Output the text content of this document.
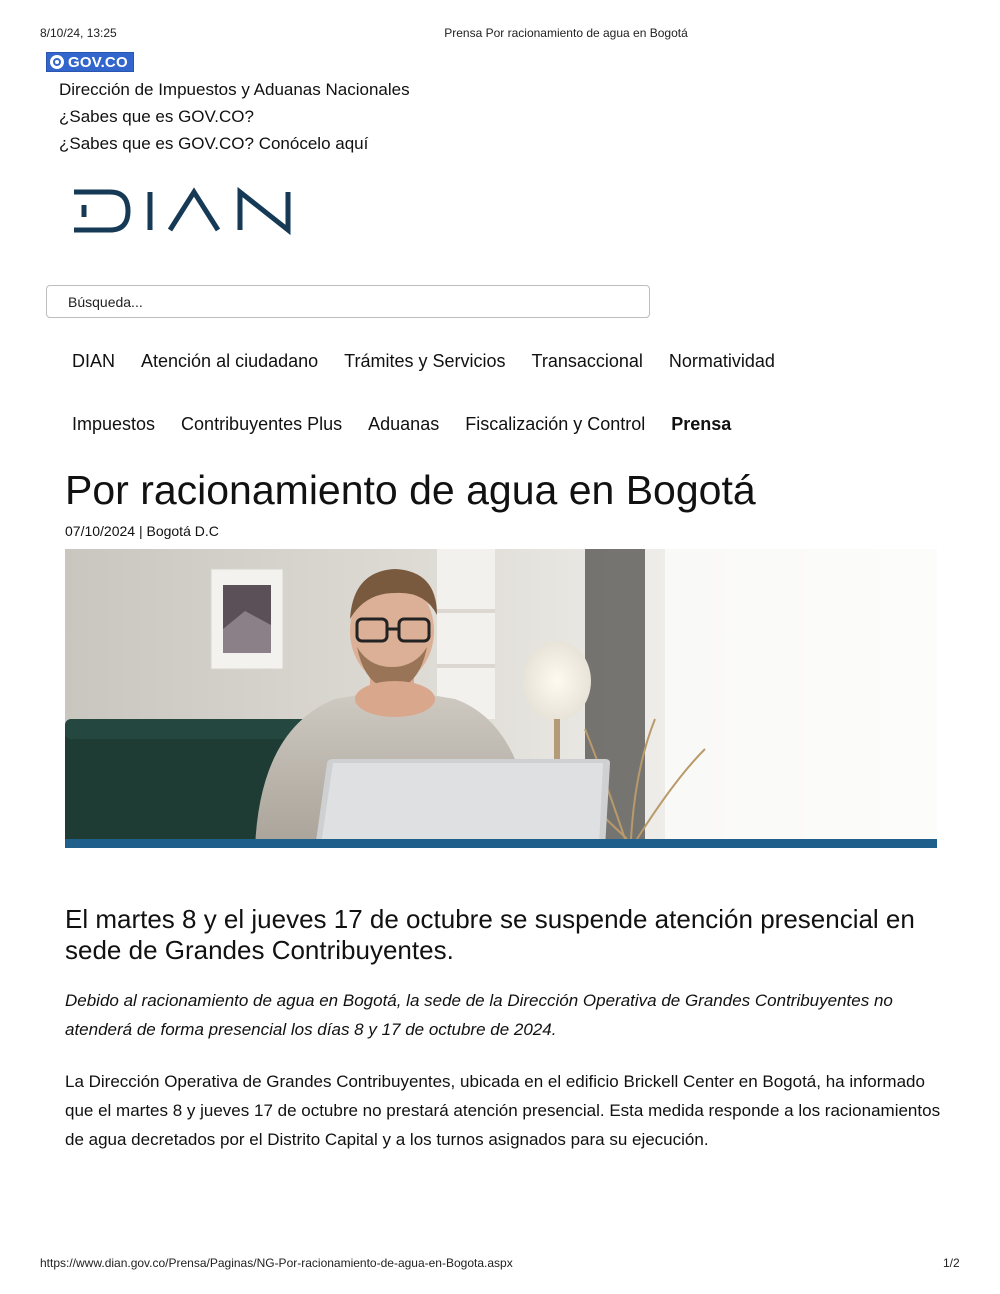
8/10/24, 13:25	Prensa Por racionamiento de agua en Bogotá
GOV.CO
Dirección de Impuestos y Aduanas Nacionales
¿Sabes que es GOV.CO?
¿Sabes que es GOV.CO? Conócelo aquí
DIAN
Búsqueda...
DIAN Atención al ciudadano Trámites y Servicios Transaccional Normatividad
Impuestos Contribuyentes Plus Aduanas Fiscalización y Control Prensa
Por racionamiento de agua en Bogotá
07/10/2024 | Bogotá D.C
El martes 8 y el jueves 17 de octubre se suspende atención presencial en sede de Grandes Contribuyentes.

Debido al racionamiento de agua en Bogotá, la sede de la Dirección Operativa de Grandes Contribuyentes no atenderá de forma presencial los días 8 y 17 de octubre de 2024.

La Dirección Operativa de Grandes Contribuyentes, ubicada en el edificio Brickell Center en Bogotá, ha informado que el martes 8 y jueves 17 de octubre no prestará atención presencial. Esta medida responde a los racionamientos de agua decretados por el Distrito Capital y a los turnos asignados para su ejecución.

https://www.dian.gov.co/Prensa/Paginas/NG-Por-racionamiento-de-agua-en-Bogota.aspx	1/2
